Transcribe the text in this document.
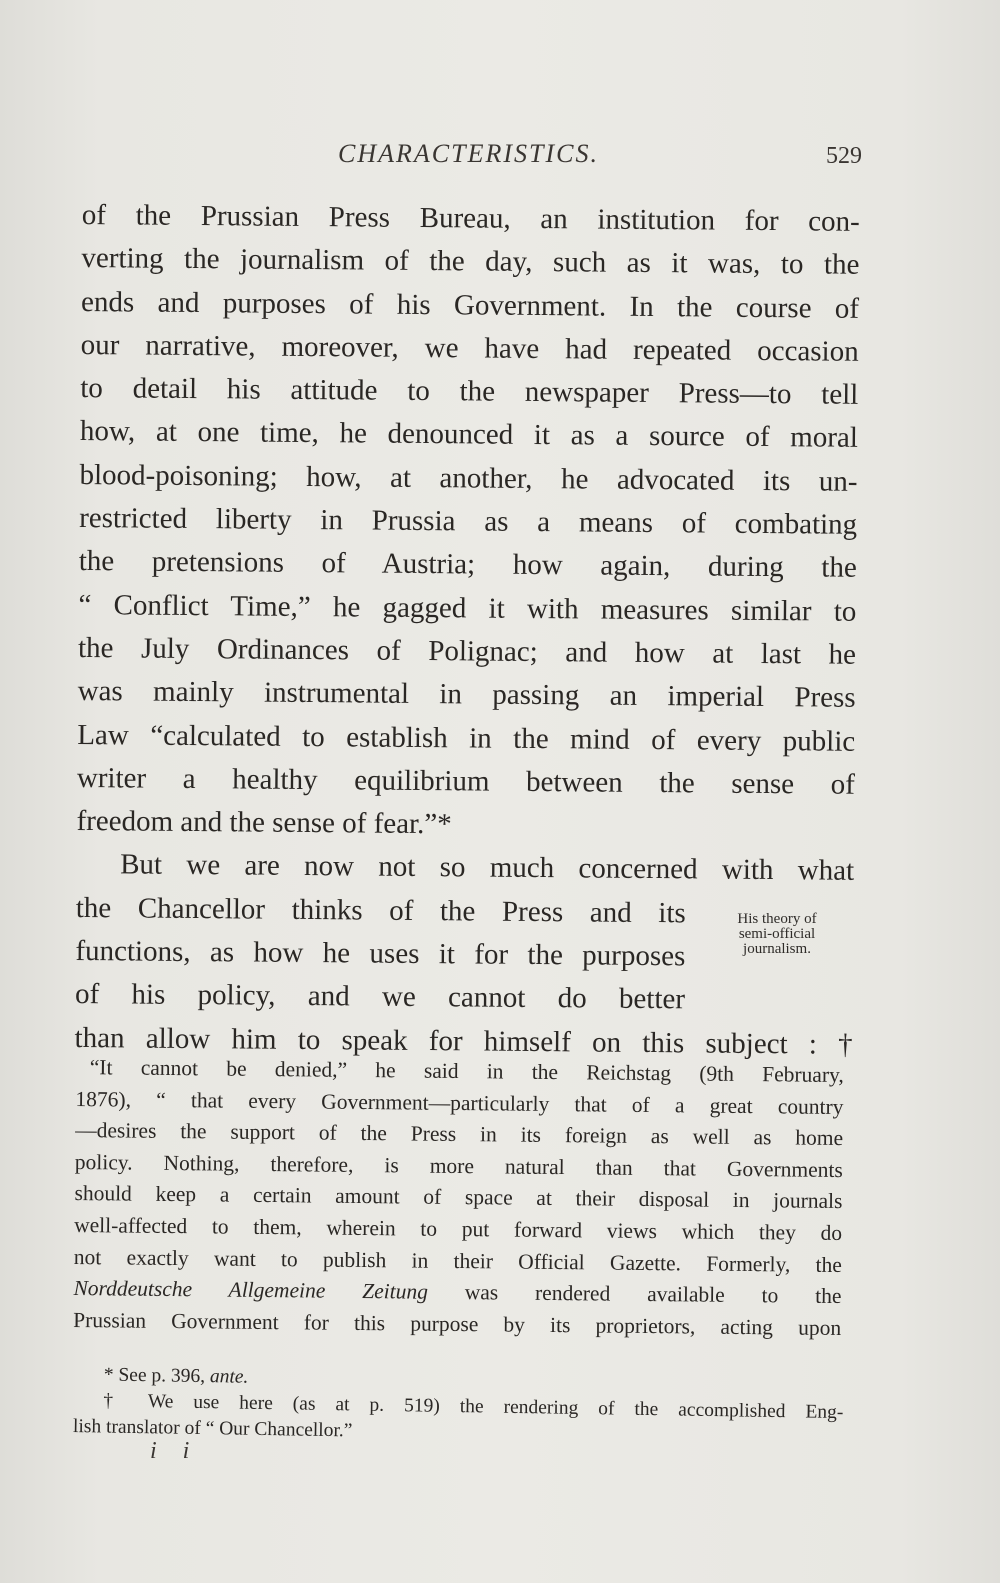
CHARACTERISTICS.	529
of the Prussian Press Bureau, an institution for con-
verting the journalism of the day, such as it was, to the
ends and purposes of his Government. In the course of
our narrative, moreover, we have had repeated occasion
to detail his attitude to the newspaper Press—to tell
how, at one time, he denounced it as a source of moral
blood-poisoning; how, at another, he advocated its un-
restricted liberty in Prussia as a means of combating
the pretensions of Austria; how again, during the
“ Conflict Time,” he gagged it with measures similar to
the July Ordinances of Polignac; and how at last he
was mainly instrumental in passing an imperial Press
Law “calculated to establish in the mind of every public
writer a healthy equilibrium between the sense of
freedom and the sense of fear.”*
But we are now not so much concerned with what
the Chancellor thinks of the Press and its
functions, as how he uses it for the purposes
of his policy, and we cannot do better
than allow him to speak for himself on this subject : †
His theory of
semi-official
journalism.
“It cannot be denied,” he said in the Reichstag (9th February,
1876), “ that every Government—particularly that of a great country
—desires the support of the Press in its foreign as well as home
policy. Nothing, therefore, is more natural than that Governments
should keep a certain amount of space at their disposal in journals
well-affected to them, wherein to put forward views which they do
not exactly want to publish in their Official Gazette. Formerly, the
Norddeutsche Allgemeine Zeitung was rendered available to the
Prussian Government for this purpose by its proprietors, acting upon
* See p. 396, ante.
† We use here (as at p. 519) the rendering of the accomplished Eng-
lish translator of “ Our Chancellor.”
i i
